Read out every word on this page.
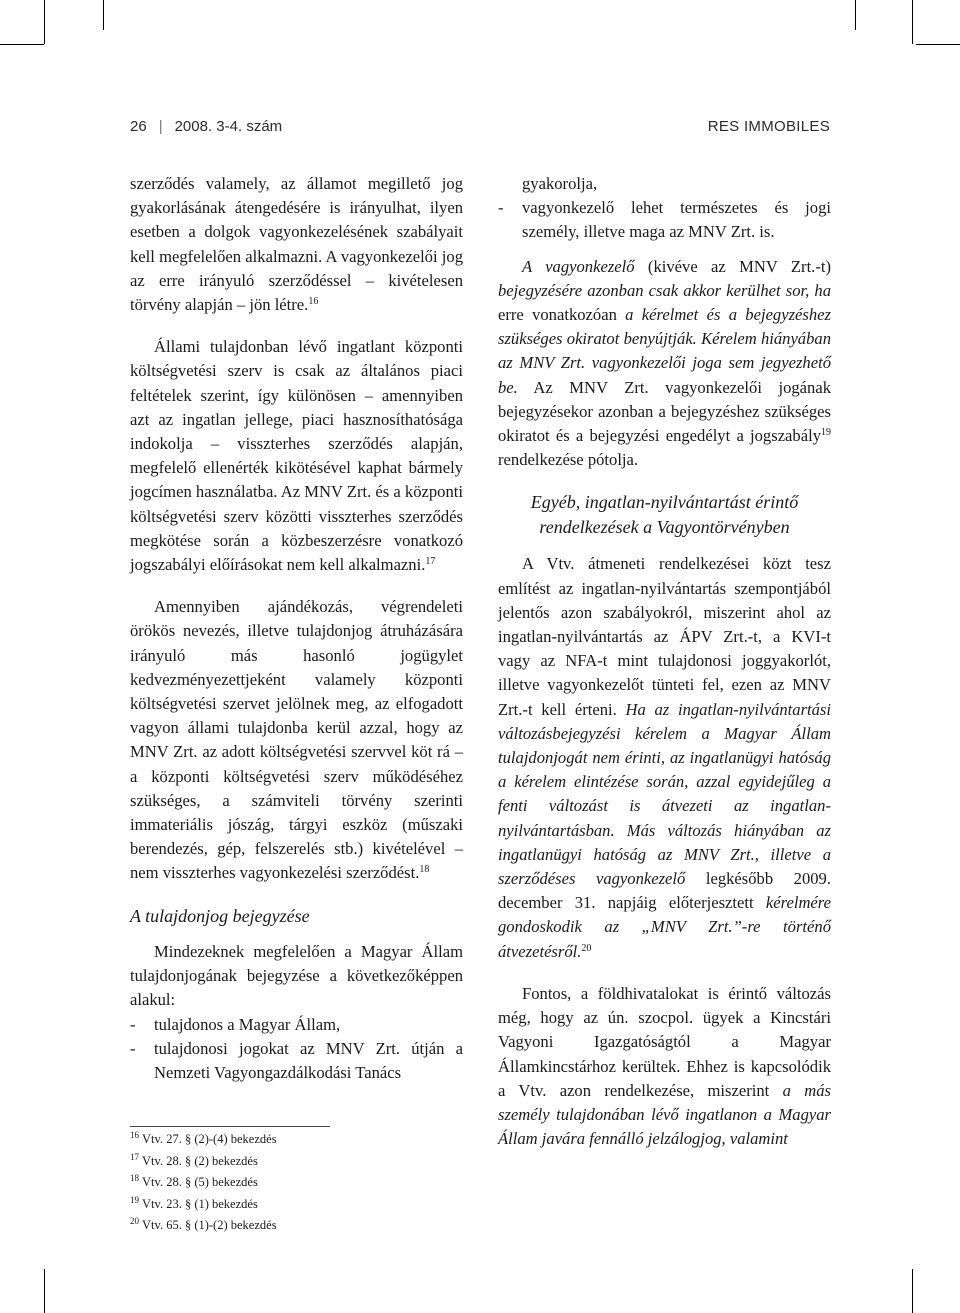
26 | 2008. 3-4. szám	RES IMMOBILES

szerződés valamely, az államot megillető jog gyakorlásának átengedésére is irányulhat, ilyen esetben a dolgok vagyonkezelésének szabályait kell megfelelően alkalmazni. A vagyonkezelői jog az erre irányuló szerződéssel – kivételesen törvény alapján – jön létre.$^{16}$

Állami tulajdonban lévő ingatlant központi költségvetési szerv is csak az általános piaci feltételek szerint, így különösen – amennyiben azt az ingatlan jellege, piaci hasznosíthatósága indokolja – visszterhes szerződés alapján, megfelelő ellenérték kikötésével kaphat bármely jogcímen használatba. Az MNV Zrt. és a központi költségvetési szerv közötti visszterhes szerződés megkötése során a közbeszerzésre vonatkozó jogszabályi előírásokat nem kell alkalmazni.$^{17}$

Amennyiben ajándékozás, végrendeleti örökös nevezés, illetve tulajdonjog átruházására irányuló más hasonló jogügylet kedvezményezettjeként valamely központi költségvetési szervet jelölnek meg, az elfogadott vagyon állami tulajdonba kerül azzal, hogy az MNV Zrt. az adott költségvetési szervvel köt rá – a központi költségvetési szerv működéséhez szükséges, a számviteli törvény szerinti immateriális jószág, tárgyi eszköz (műszaki berendezés, gép, felszerelés stb.) kivételével – nem visszterhes vagyonkezelési szerződést.$^{18}$

A tulajdonjog bejegyzése

Mindezeknek megfelelően a Magyar Állam tulajdonjogának bejegyzése a következőképpen alakul:

-	tulajdonos a Magyar Állam,
-	tulajdonosi jogokat az MNV Zrt. útján a Nemzeti Vagyongazdálkodási Tanács

gyakorolja,

-	vagyonkezelő lehet természetes és jogi személy, illetve maga az MNV Zrt. is.

A vagyonkezelő (kivéve az MNV Zrt.-t) bejegyzésére azonban csak akkor kerülhet sor, ha erre vonatkozóan a kérelmet és a bejegyzéshez szükséges okiratot benyújtják. Kérelem hiányában az MNV Zrt. vagyonkezelői joga sem jegyezhető be. Az MNV Zrt. vagyonkezelői jogának bejegyzésekor azonban a bejegyzéshez szükséges okiratot és a bejegyzési engedélyt a jogszabály$^{19}$ rendelkezése pótolja.

Egyéb, ingatlan-nyilvántartást érintő rendelkezések a Vagyontörvényben

A Vtv. átmeneti rendelkezései közt tesz említést az ingatlan-nyilvántartás szempontjából jelentős azon szabályokról, miszerint ahol az ingatlan-nyilvántartás az ÁPV Zrt.-t, a KVI-t vagy az NFA-t mint tulajdonosi joggyakorlót, illetve vagyonkezelőt tünteti fel, ezen az MNV Zrt.-t kell érteni. Ha az ingatlan-nyilvántartási változásbejegyzési kérelem a Magyar Állam tulajdonjogát nem érinti, az ingatlanügyi hatóság a kérelem elintézése során, azzal egyidejűleg a fenti változást is átvezeti az ingatlan-nyilvántartásban. Más változás hiányában az ingatlanügyi hatóság az MNV Zrt., illetve a szerződéses vagyonkezelő legkésőbb 2009. december 31. napjáig előterjesztett kérelmére gondoskodik az „MNV Zrt.”-re történő átvezetésről.$^{20}$

Fontos, a földhivatalokat is érintő változás még, hogy az ún. szocpol. ügyek a Kincstári Vagyoni Igazgatóságtól a Magyar Államkincstárhoz kerültek. Ehhez is kapcsolódik a Vtv. azon rendelkezése, miszerint a más személy tulajdonában lévő ingatlanon a Magyar Állam javára fennálló jelzálogjog, valamint

$^{16}$ Vtv. 27. § (2)-(4) bekezdés
$^{17}$ Vtv. 28. § (2) bekezdés
$^{18}$ Vtv. 28. § (5) bekezdés
$^{19}$ Vtv. 23. § (1) bekezdés
$^{20}$ Vtv. 65. § (1)-(2) bekezdés
